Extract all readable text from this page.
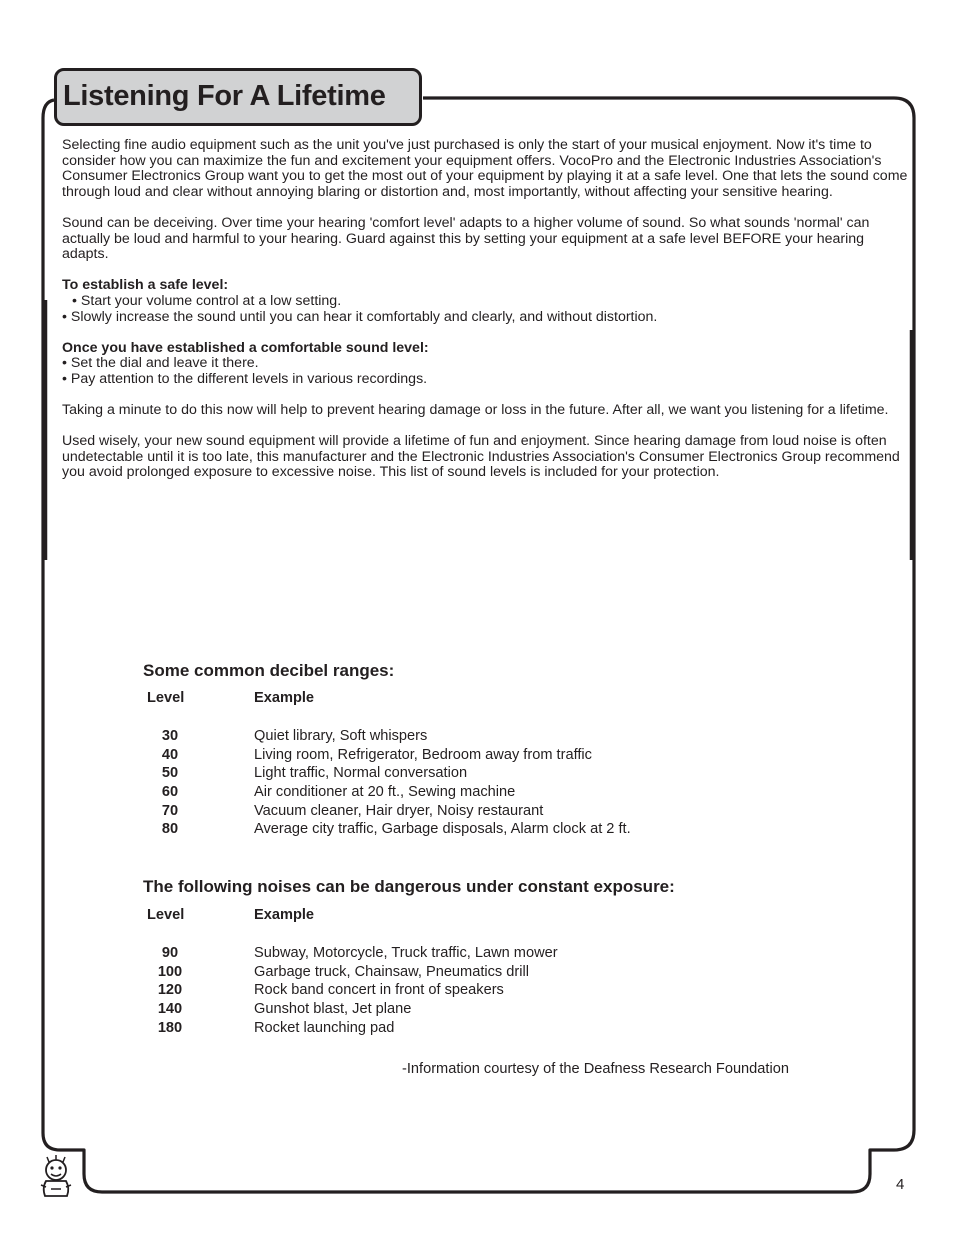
Listening For A Lifetime

Selecting fine audio equipment such as the unit you've just purchased is only the start of your musical enjoyment. Now it's time to consider how you can maximize the fun and excitement your equipment offers. VocoPro and the Electronic Industries Association's Consumer Electronics Group want you to get the most out of your equipment by playing it at a safe level. One that lets the sound come through loud and clear without annoying blaring or distortion and, most importantly, without affecting your sensitive hearing.

Sound can be deceiving. Over time your hearing 'comfort level' adapts to a higher volume of sound. So what sounds 'normal' can actually be loud and harmful to your hearing. Guard against this by setting your equipment at a safe level BEFORE your hearing adapts.

To establish a safe level:
• Start your volume control at a low setting.
• Slowly increase the sound until you can hear it comfortably and clearly, and without distortion.

Once you have established a comfortable sound level:
• Set the dial and leave it there.
• Pay attention to the different levels in various recordings.

Taking a minute to do this now will help to prevent hearing damage or loss in the future. After all, we want you listening for a lifetime.

Used wisely, your new sound equipment will provide a lifetime of fun and enjoyment. Since hearing damage from loud noise is often undetectable until it is too late, this manufacturer and the Electronic Industries Association's Consumer Electronics Group recommend you avoid prolonged exposure to excessive noise. This list of sound levels is included for your protection.

Some common decibel ranges:
Level	Example
30	Quiet library, Soft whispers
40	Living room, Refrigerator, Bedroom away from traffic
50	Light traffic, Normal conversation
60	Air conditioner at 20 ft., Sewing machine
70	Vacuum cleaner, Hair dryer, Noisy restaurant
80	Average city traffic, Garbage disposals, Alarm clock at 2 ft.
The following noises can be dangerous under constant exposure:
Level	Example
90	Subway, Motorcycle, Truck traffic, Lawn mower
100	Garbage truck, Chainsaw, Pneumatics drill
120	Rock band concert in front of speakers
140	Gunshot blast, Jet plane
180	Rocket launching pad
-Information courtesy of the Deafness Research Foundation
4
